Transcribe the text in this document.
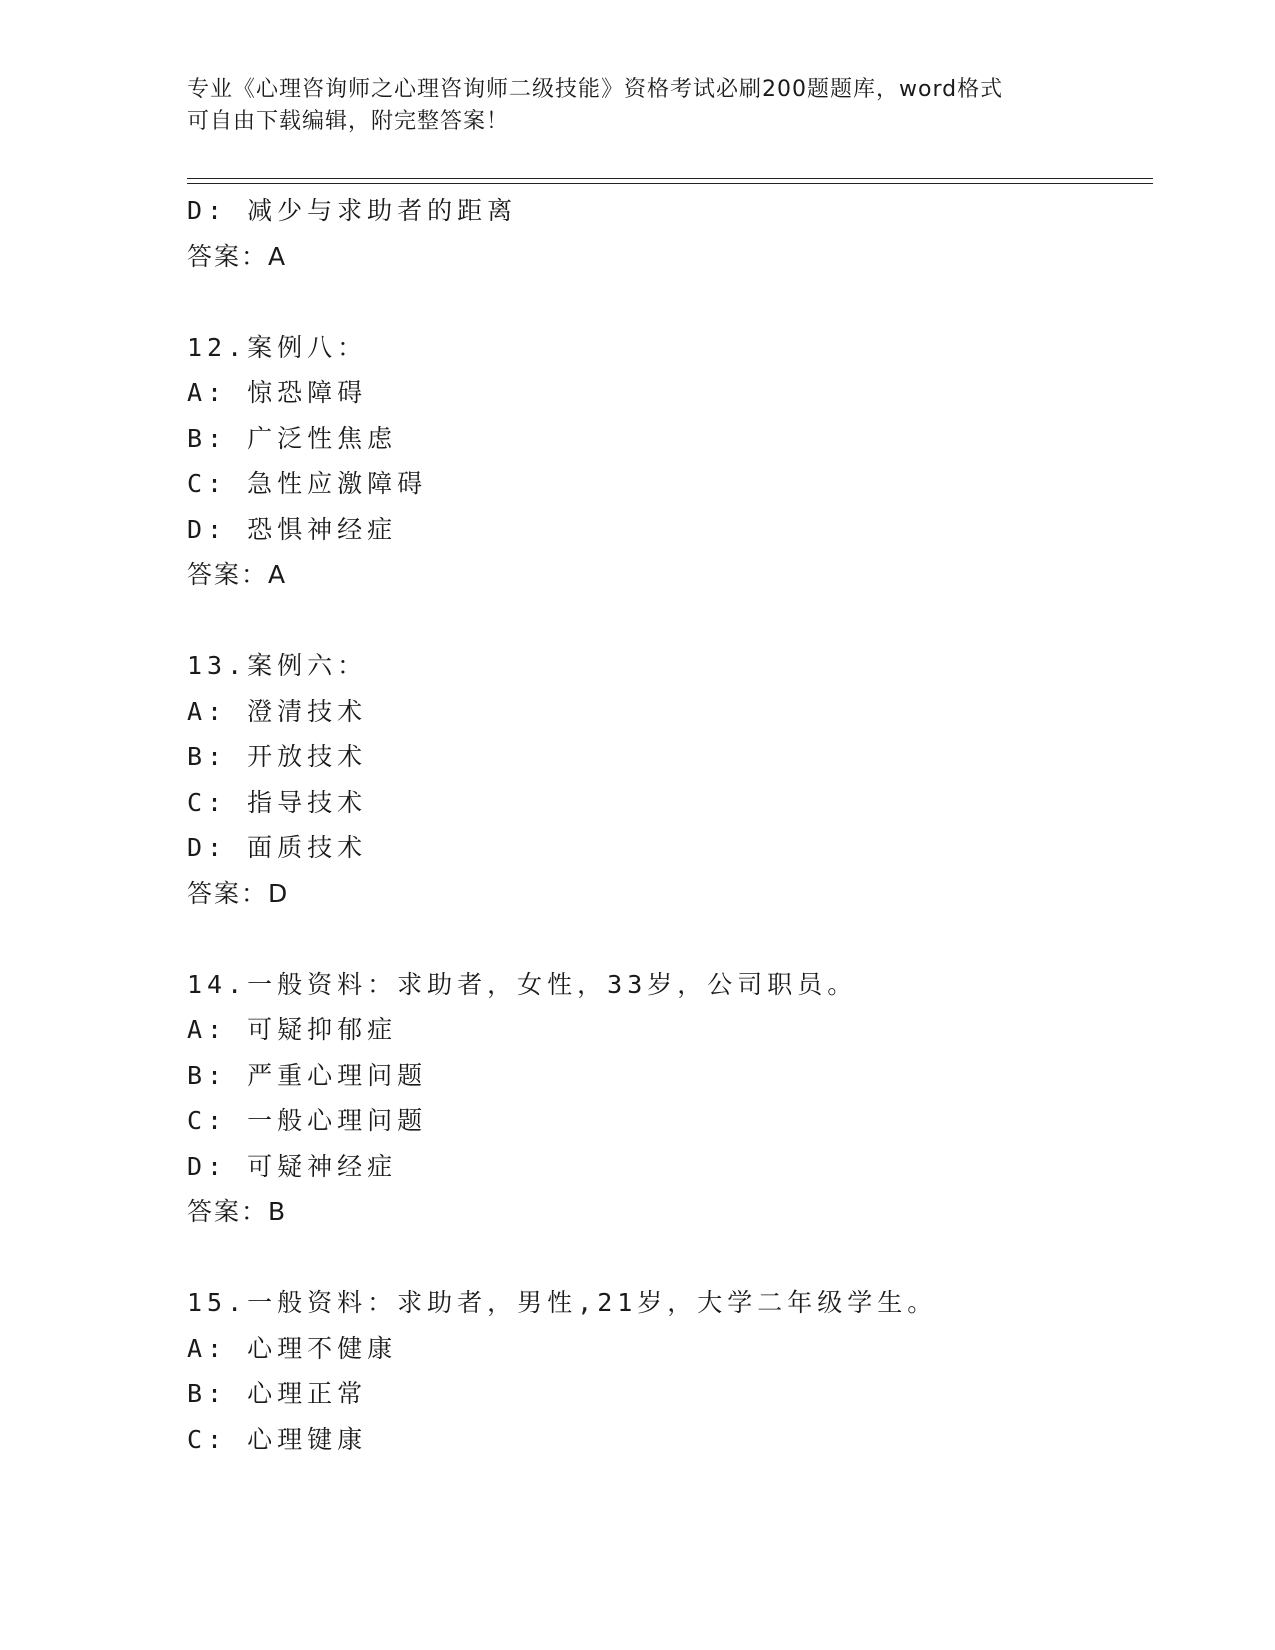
专业《心理咨询师之心理咨询师二级技能》资格考试必刷200题题库，word格式
可自由下载编辑，附完整答案！
D: 减少与求助者的距离
答案：A
12.案例八：
A: 惊恐障碍
B: 广泛性焦虑
C: 急性应激障碍
D: 恐惧神经症
答案：A
13.案例六：
A: 澄清技术
B: 开放技术
C: 指导技术
D: 面质技术
答案：D
14.一般资料：求助者，女性，33岁，公司职员。
A: 可疑抑郁症
B: 严重心理问题
C: 一般心理问题
D: 可疑神经症
答案：B
15.一般资料：求助者，男性,21岁，大学二年级学生。
A: 心理不健康
B: 心理正常
C: 心理键康
